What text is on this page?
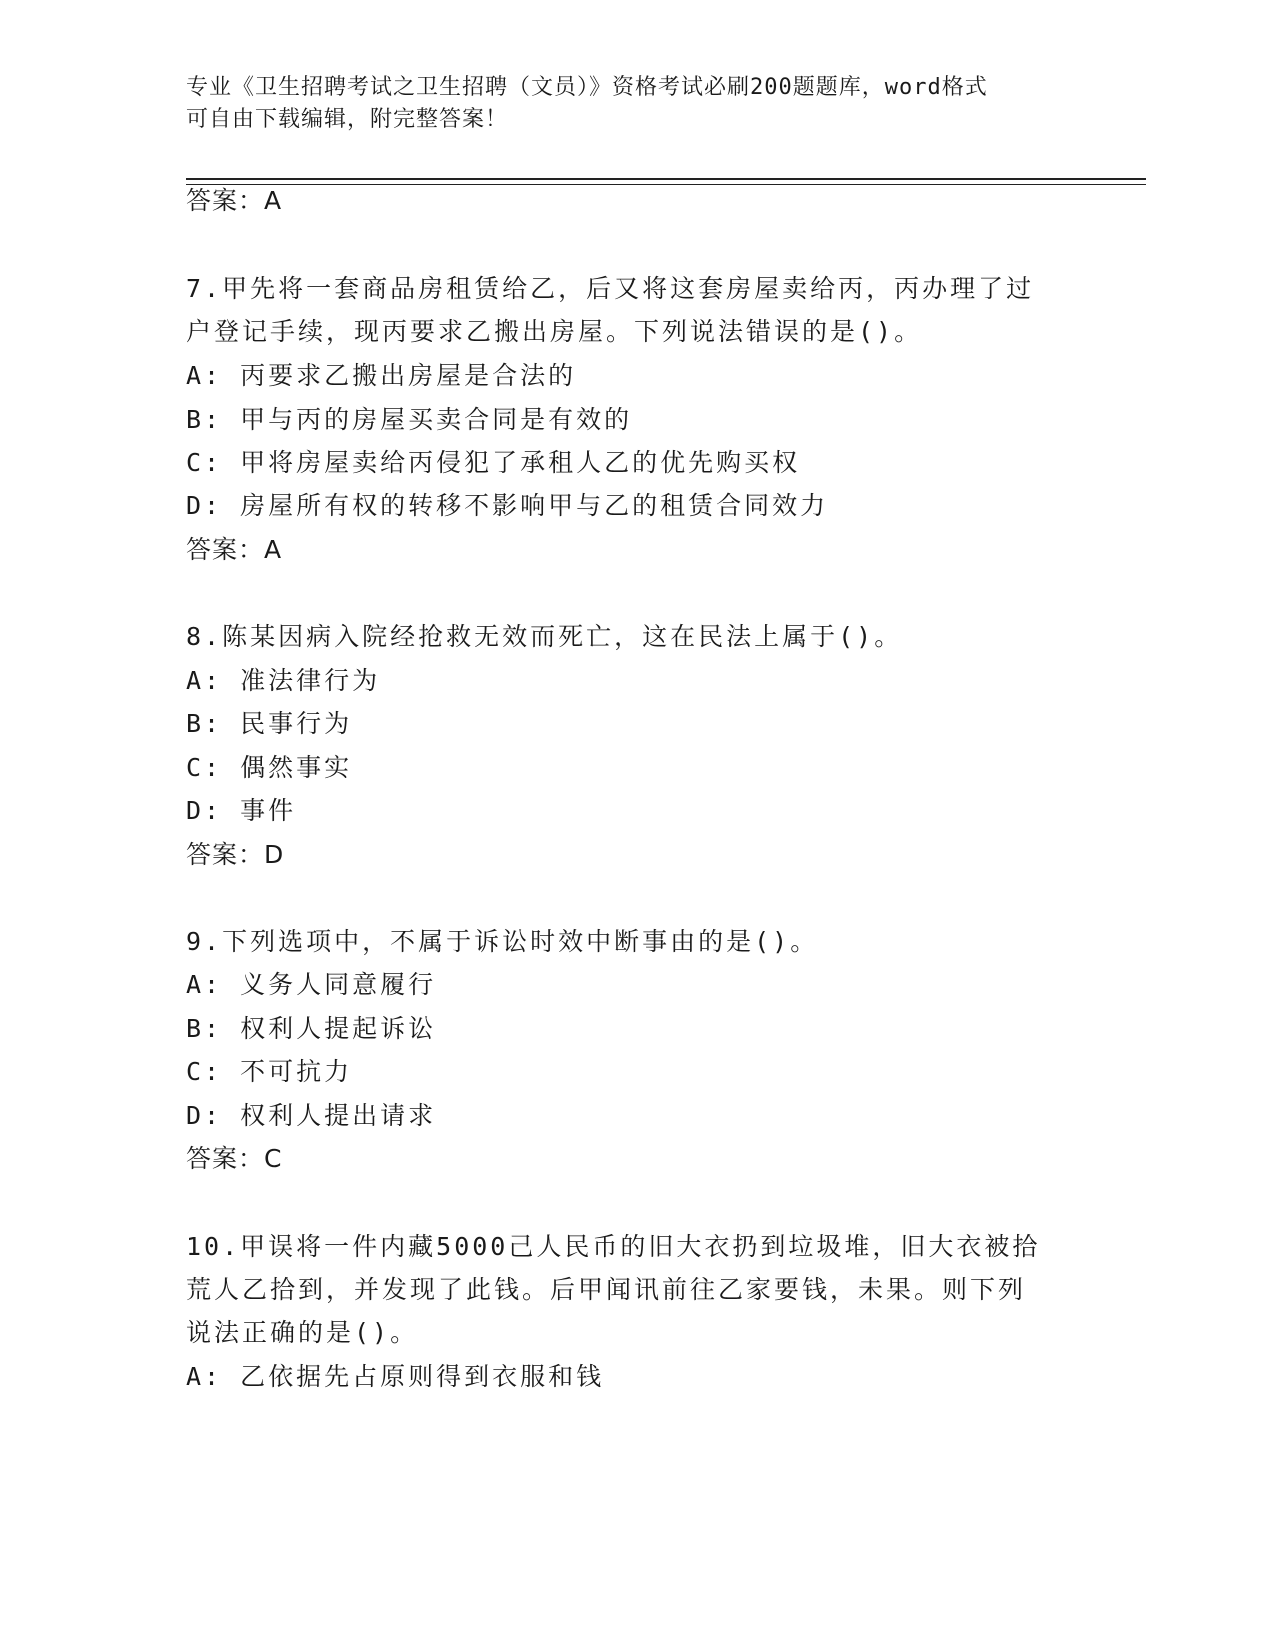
专业《卫生招聘考试之卫生招聘（文员）》资格考试必刷200题题库，word格式
可自由下载编辑，附完整答案！
答案：A
7.甲先将一套商品房租赁给乙，后又将这套房屋卖给丙，丙办理了过
户登记手续，现丙要求乙搬出房屋。下列说法错误的是()。
A: 丙要求乙搬出房屋是合法的
B: 甲与丙的房屋买卖合同是有效的
C: 甲将房屋卖给丙侵犯了承租人乙的优先购买权
D: 房屋所有权的转移不影响甲与乙的租赁合同效力
答案：A
8.陈某因病入院经抢救无效而死亡，这在民法上属于()。
A: 准法律行为
B: 民事行为
C: 偶然事实
D: 事件
答案：D
9.下列选项中，不属于诉讼时效中断事由的是()。
A: 义务人同意履行
B: 权利人提起诉讼
C: 不可抗力
D: 权利人提出请求
答案：C
10.甲误将一件内藏5000己人民币的旧大衣扔到垃圾堆，旧大衣被拾
荒人乙拾到，并发现了此钱。后甲闻讯前往乙家要钱，未果。则下列
说法正确的是()。
A: 乙依据先占原则得到衣服和钱
